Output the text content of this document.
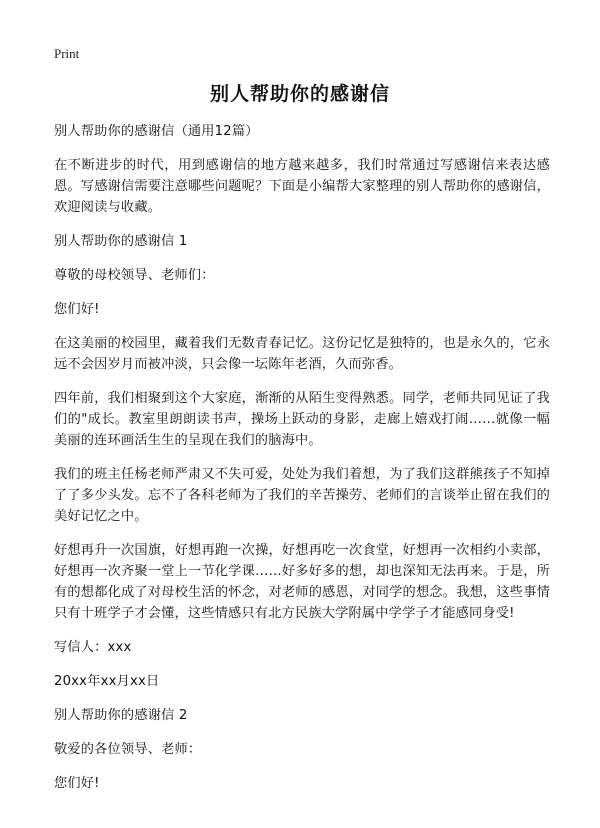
Print
别人帮助你的感谢信

别人帮助你的感谢信（通用12篇）

在不断进步的时代，用到感谢信的地方越来越多，我们时常通过写感谢信来表达感恩。写感谢信需要注意哪些问题呢？下面是小编帮大家整理的别人帮助你的感谢信，欢迎阅读与收藏。

别人帮助你的感谢信 1

尊敬的母校领导、老师们：

您们好!

在这美丽的校园里，藏着我们无数青春记忆。这份记忆是独特的，也是永久的，它永远不会因岁月而被冲淡，只会像一坛陈年老酒，久而弥香。

四年前，我们相聚到这个大家庭，渐渐的从陌生变得熟悉。同学，老师共同见证了我们的"成长。教室里朗朗读书声，操场上跃动的身影，走廊上嬉戏打闹……就像一幅美丽的连环画活生生的呈现在我们的脑海中。

我们的班主任杨老师严肃又不失可爱，处处为我们着想，为了我们这群熊孩子不知掉了了多少头发。忘不了各科老师为了我们的辛苦操劳、老师们的言谈举止留在我们的美好记忆之中。

好想再升一次国旗，好想再跑一次操，好想再吃一次食堂，好想再一次相约小卖部，好想再一次齐聚一堂上一节化学课……好多好多的想，却也深知无法再来。于是，所有的想都化成了对母校生活的怀念，对老师的感恩，对同学的想念。我想，这些事情只有十班学子才会懂，这些情感只有北方民族大学附属中学学子才能感同身受!

写信人：xxx

20xx年xx月xx日

别人帮助你的感谢信 2

敬爱的各位领导、老师：

您们好!
